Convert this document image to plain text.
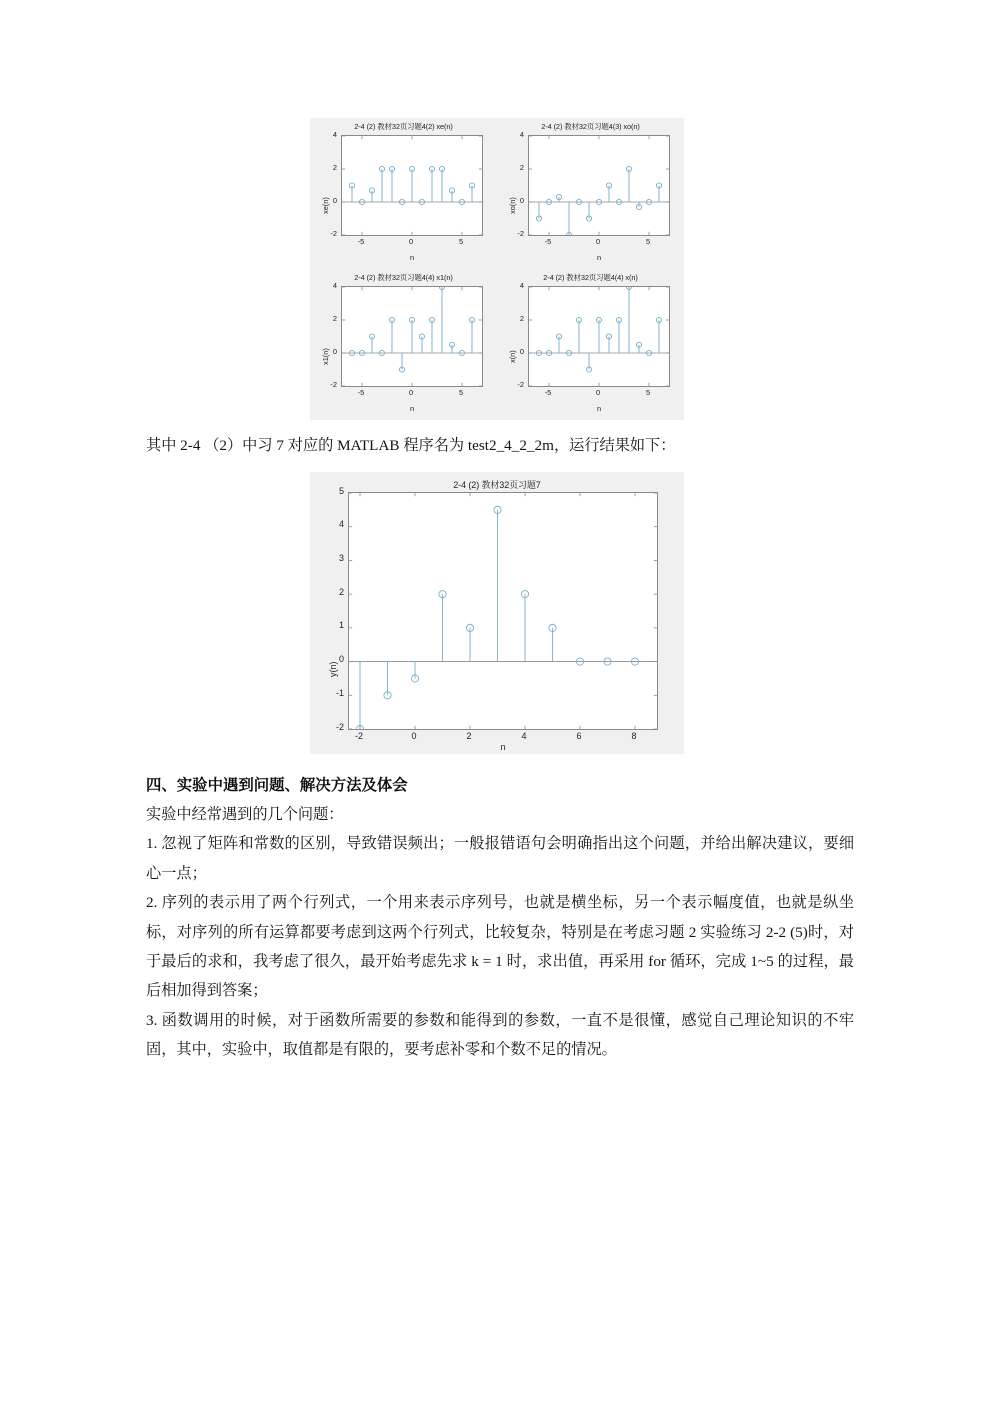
2-4 (2) 教材32页习题4(2) xe(n)
xe(n)
n
-5	0	5
-2
0
2
4
2-4 (2) 教材32页习题4(3) xo(n)
xo(n)
n
-5	0	5
-2
0
2
4
2-4 (2) 教材32页习题4(4) x1(n)
x1(n)
n
-5	0	5
-2
0
2
4
2-4 (2) 教材32页习题4(4) x(n)
x(n)
n
-5	0	5
-2
0
2
4
其中 2-4 （2）中习 7 对应的 MATLAB 程序名为 test2_4_2_2m，运行结果如下：
2-4 (2) 教材32页习题7
y(n)
n
-2	0	2	4	6	8
-2
-1
0
1
2
3
4
5
四、实验中遇到问题、解决方法及体会

实验中经常遇到的几个问题：

1. 忽视了矩阵和常数的区别，导致错误频出；一般报错语句会明确指出这个问题，并给出解决建议，要细心一点；

2. 序列的表示用了两个行列式，一个用来表示序列号，也就是横坐标，另一个表示幅度值，也就是纵坐标，对序列的所有运算都要考虑到这两个行列式，比较复杂，特别是在考虑习题 2 实验练习 2-2 (5)时，对于最后的求和，我考虑了很久，最开始考虑先求 k = 1 时，求出值，再采用 for 循环，完成 1~5 的过程，最后相加得到答案；

3. 函数调用的时候，对于函数所需要的参数和能得到的参数，一直不是很懂，感觉自己理论知识的不牢固，其中，实验中，取值都是有限的，要考虑补零和个数不足的情况。
